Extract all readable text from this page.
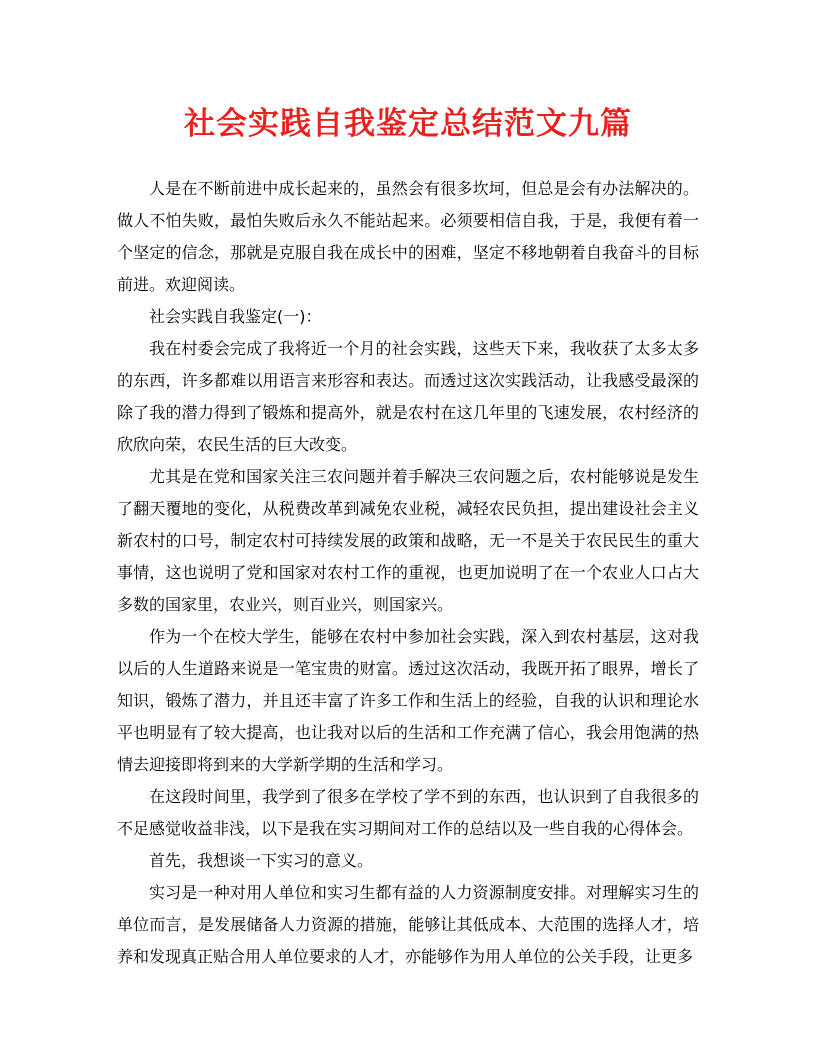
社会实践自我鉴定总结范文九篇

人是在不断前进中成长起来的，虽然会有很多坎坷，但总是会有办法解决的。做人不怕失败，最怕失败后永久不能站起来。必须要相信自我，于是，我便有着一个坚定的信念，那就是克服自我在成长中的困难，坚定不移地朝着自我奋斗的目标前进。欢迎阅读。

社会实践自我鉴定(一)：

我在村委会完成了我将近一个月的社会实践，这些天下来，我收获了太多太多的东西，许多都难以用语言来形容和表达。而透过这次实践活动，让我感受最深的除了我的潜力得到了锻炼和提高外，就是农村在这几年里的飞速发展，农村经济的欣欣向荣，农民生活的巨大改变。

尤其是在党和国家关注三农问题并着手解决三农问题之后，农村能够说是发生了翻天覆地的变化，从税费改革到减免农业税，减轻农民负担，提出建设社会主义新农村的口号，制定农村可持续发展的政策和战略，无一不是关于农民民生的重大事情，这也说明了党和国家对农村工作的重视，也更加说明了在一个农业人口占大多数的国家里，农业兴，则百业兴，则国家兴。

作为一个在校大学生，能够在农村中参加社会实践，深入到农村基层，这对我以后的人生道路来说是一笔宝贵的财富。透过这次活动，我既开拓了眼界，增长了知识，锻炼了潜力，并且还丰富了许多工作和生活上的经验，自我的认识和理论水平也明显有了较大提高，也让我对以后的生活和工作充满了信心，我会用饱满的热情去迎接即将到来的大学新学期的生活和学习。

在这段时间里，我学到了很多在学校了学不到的东西，也认识到了自我很多的不足感觉收益非浅，以下是我在实习期间对工作的总结以及一些自我的心得体会。

首先，我想谈一下实习的意义。

实习是一种对用人单位和实习生都有益的人力资源制度安排。对理解实习生的单位而言，是发展储备人力资源的措施，能够让其低成本、大范围的选择人才，培养和发现真正贴合用人单位要求的人才，亦能够作为用人单位的公关手段，让更多
